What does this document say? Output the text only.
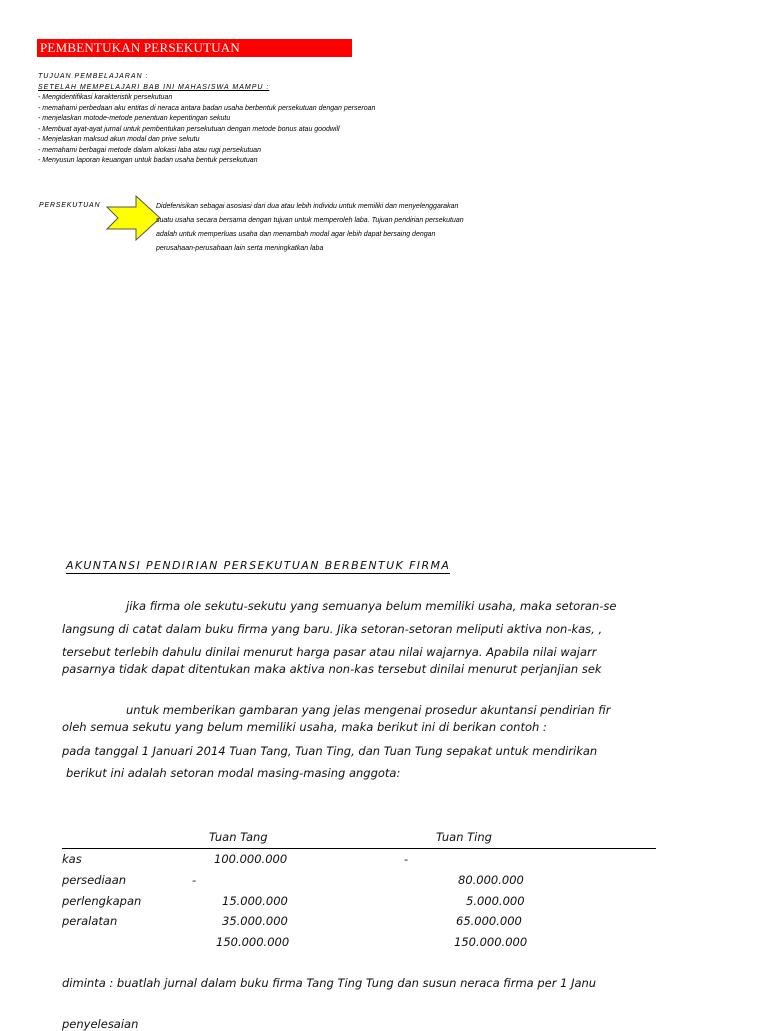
PEMBENTUKAN PERSEKUTUAN
TUJUAN PEMBELAJARAN :
SETELAH MEMPELAJARI BAB INI MAHASISWA MAMPU :
- Mengidentifikasi karakteristik persekutuan
- memahami perbedaan aku entitas di neraca antara badan usaha berbentuk persekutuan dengan perseroan
- menjelaskan motode-metode penentuan kepentingan sekutu
- Membuat ayat-ayat jurnal untuk pembentukan persekutuan dengan metode bonus atau goodwill
- Menjelaskan maksud akun modal dan prive sekutu
- memahami berbagai metode dalam alokasi laba atau rugi persekutuan
- Menyusun laporan keuangan untuk badan usaha bentuk persekutuan
PERSEKUTUAN	Didefenisikan sebagai asosiasi dari dua atau lebih individu untuk memiliki dan menyelenggarakan
suatu usaha secara bersama dengan tujuan untuk memperoleh laba. Tujuan pendirian persekutuan
adalah untuk memperluas usaha dan menambah modal agar lebih dapat bersaing dengan
perusahaan-perusahaan lain serta meningkatkan laba
AKUNTANSI PENDIRIAN PERSEKUTUAN BERBENTUK FIRMA
jika firma ole sekutu-sekutu yang semuanya belum memiliki usaha, maka setoran-se
langsung di catat dalam buku firma yang baru. Jika setoran-setoran meliputi aktiva non-kas, ,
tersebut terlebih dahulu dinilai menurut harga pasar atau nilai wajarnya. Apabila nilai wajarr
pasarnya tidak dapat ditentukan maka aktiva non-kas tersebut dinilai menurut perjanjian sek
untuk memberikan gambaran yang jelas mengenai prosedur akuntansi pendirian fir
oleh semua sekutu yang belum memiliki usaha, maka berikut ini di berikan contoh :
pada tanggal 1 Januari 2014 Tuan Tang, Tuan Ting, dan Tuan Tung sepakat untuk mendirikan
berikut ini adalah setoran modal masing-masing anggota:
Tuan Tang	Tuan Ting
kas	100.000.000	-
persediaan	-	80.000.000
perlengkapan	15.000.000	5.000.000
peralatan	35.000.000	65.000.000
150.000.000	150.000.000
diminta : buatlah jurnal dalam buku firma Tang Ting Tung dan susun neraca firma per 1 Janu
penyelesaian
